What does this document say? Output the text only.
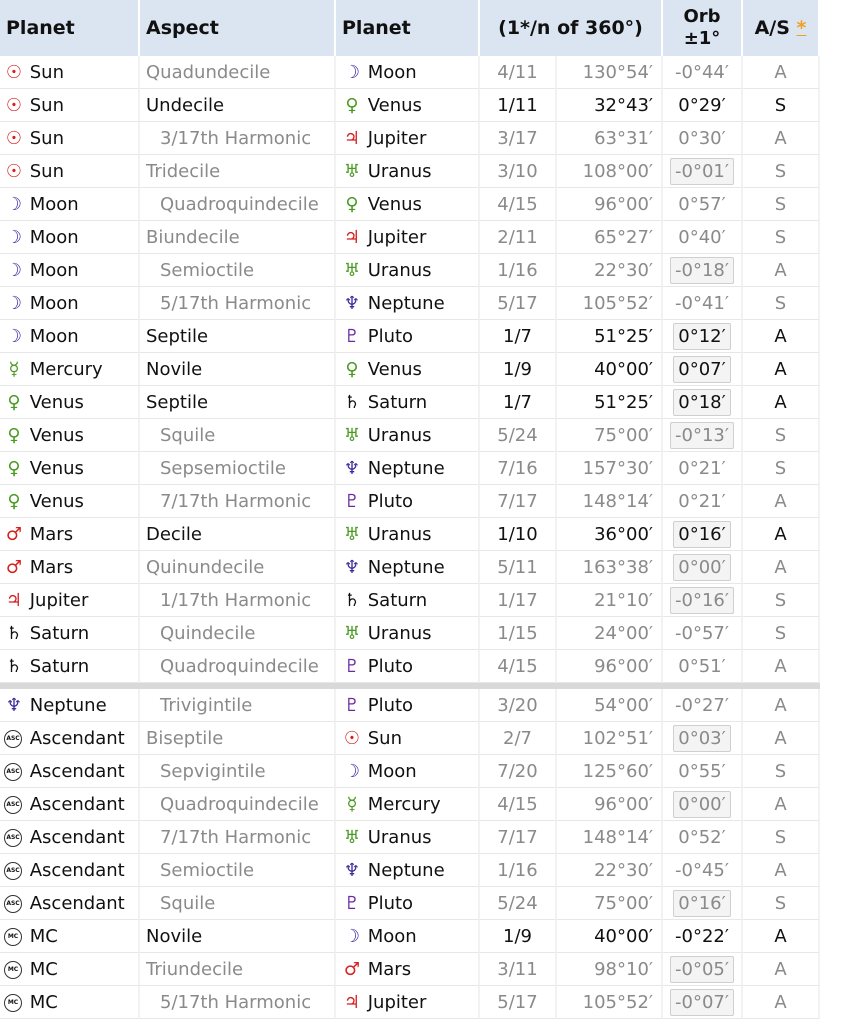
Planet	Aspect	Planet	(1*/n of 360°)		Orb
±1°	A/S *
☉ Sun	Quadundecile	☽ Moon	4/11	130°54′	-0°44′	A
☉ Sun	Undecile	♀ Venus	1/11	32°43′	0°29′	S
☉ Sun	3/17th Harmonic	♃ Jupiter	3/17	63°31′	0°30′	A
☉ Sun	Tridecile	♅ Uranus	3/10	108°00′	-0°01′	S
☽ Moon	Quadroquindecile	♀ Venus	4/15	96°00′	0°57′	S
☽ Moon	Biundecile	♃ Jupiter	2/11	65°27′	0°40′	S
☽ Moon	Semioctile	♅ Uranus	1/16	22°30′	-0°18′	A
☽ Moon	5/17th Harmonic	♆ Neptune	5/17	105°52′	-0°41′	S
☽ Moon	Septile	♇ Pluto	1/7	51°25′	0°12′	A
☿ Mercury	Novile	♀ Venus	1/9	40°00′	0°07′	A
♀ Venus	Septile	♄ Saturn	1/7	51°25′	0°18′	A
♀ Venus	Squile	♅ Uranus	5/24	75°00′	-0°13′	S
♀ Venus	Sepsemioctile	♆ Neptune	7/16	157°30′	0°21′	S
♀ Venus	7/17th Harmonic	♇ Pluto	7/17	148°14′	0°21′	A
♂ Mars	Decile	♅ Uranus	1/10	36°00′	0°16′	A
♂ Mars	Quinundecile	♆ Neptune	5/11	163°38′	0°00′	A
♃ Jupiter	1/17th Harmonic	♄ Saturn	1/17	21°10′	-0°16′	S
♄ Saturn	Quindecile	♅ Uranus	1/15	24°00′	-0°57′	S
♄ Saturn	Quadroquindecile	♇ Pluto	4/15	96°00′	0°51′	A

♆ Neptune	Trivigintile	♇ Pluto	3/20	54°00′	-0°27′	A
ASC Ascendant	Biseptile	☉ Sun	2/7	102°51′	0°03′	A
ASC Ascendant	Sepvigintile	☽ Moon	7/20	125°60′	0°55′	S
ASC Ascendant	Quadroquindecile	☿ Mercury	4/15	96°00′	0°00′	A
ASC Ascendant	7/17th Harmonic	♅ Uranus	7/17	148°14′	0°52′	S
ASC Ascendant	Semioctile	♆ Neptune	1/16	22°30′	-0°45′	A
ASC Ascendant	Squile	♇ Pluto	5/24	75°00′	0°16′	S
MC MC	Novile	☽ Moon	1/9	40°00′	-0°22′	A
MC MC	Triundecile	♂ Mars	3/11	98°10′	-0°05′	A
MC MC	5/17th Harmonic	♃ Jupiter	5/17	105°52′	-0°07′	A
